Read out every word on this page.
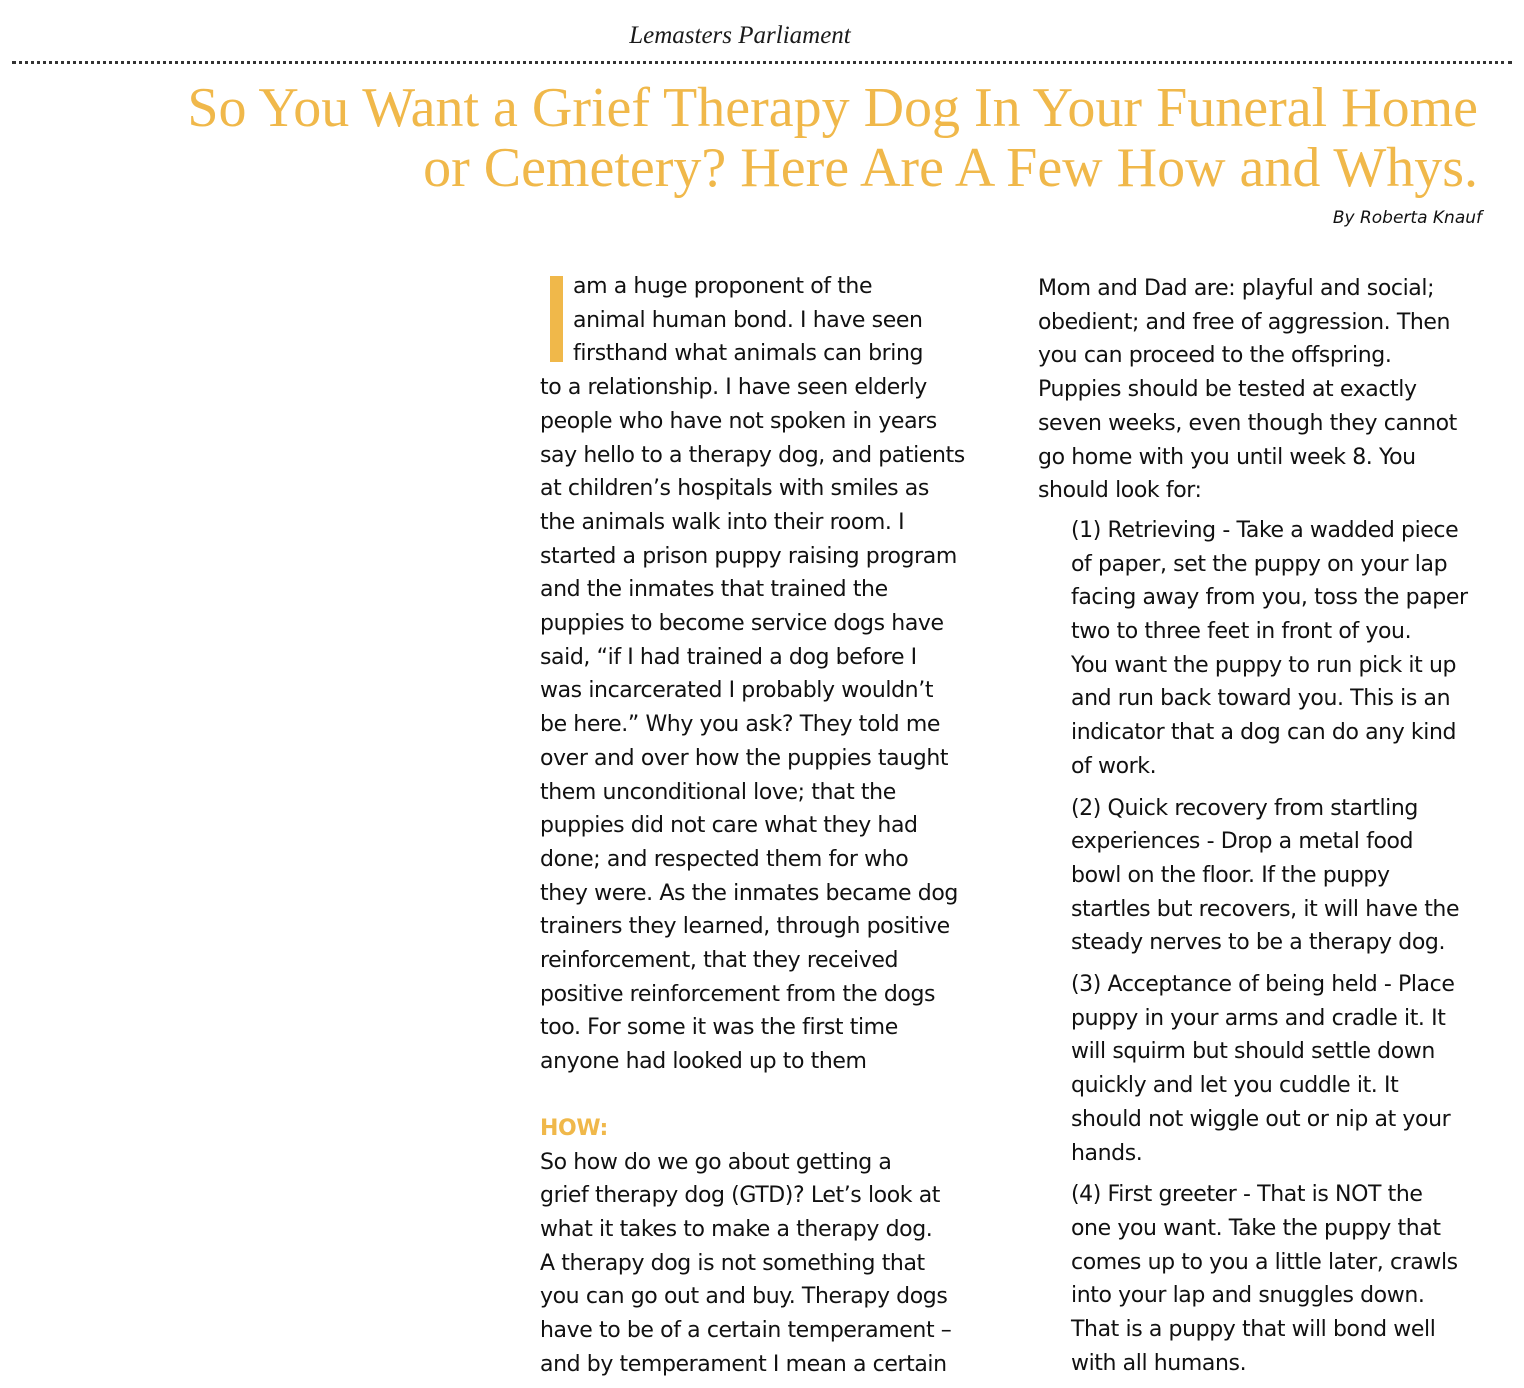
Lemasters Parliament
So You Want a Grief Therapy Dog In Your Funeral Home
or Cemetery? Here Are A Few How and Whys.
By Roberta Knauf
am a huge proponent of the
animal human bond. I have seen
firsthand what animals can bring
to a relationship. I have seen elderly
people who have not spoken in years
say hello to a therapy dog, and patients
at children’s hospitals with smiles as
the animals walk into their room. I
started a prison puppy raising program
and the inmates that trained the
puppies to become service dogs have
said, “if I had trained a dog before I
was incarcerated I probably wouldn’t
be here.” Why you ask? They told me
over and over how the puppies taught
them unconditional love; that the
puppies did not care what they had
done; and respected them for who
they were. As the inmates became dog
trainers they learned, through positive
reinforcement, that they received
positive reinforcement from the dogs
too. For some it was the first time
anyone had looked up to them
HOW:
So how do we go about getting a
grief therapy dog (GTD)? Let’s look at
what it takes to make a therapy dog.
A therapy dog is not something that
you can go out and buy. Therapy dogs
have to be of a certain temperament –
and by temperament I mean a certain
Mom and Dad are: playful and social;
obedient; and free of aggression. Then
you can proceed to the offspring.
Puppies should be tested at exactly
seven weeks, even though they cannot
go home with you until week 8. You
should look for:
(1) Retrieving - Take a wadded piece
of paper, set the puppy on your lap
facing away from you, toss the paper
two to three feet in front of you.
You want the puppy to run pick it up
and run back toward you. This is an
indicator that a dog can do any kind
of work.
(2) Quick recovery from startling
experiences - Drop a metal food
bowl on the floor. If the puppy
startles but recovers, it will have the
steady nerves to be a therapy dog.
(3) Acceptance of being held - Place
puppy in your arms and cradle it. It
will squirm but should settle down
quickly and let you cuddle it. It
should not wiggle out or nip at your
hands.
(4) First greeter - That is NOT the
one you want. Take the puppy that
comes up to you a little later, crawls
into your lap and snuggles down.
That is a puppy that will bond well
with all humans.
